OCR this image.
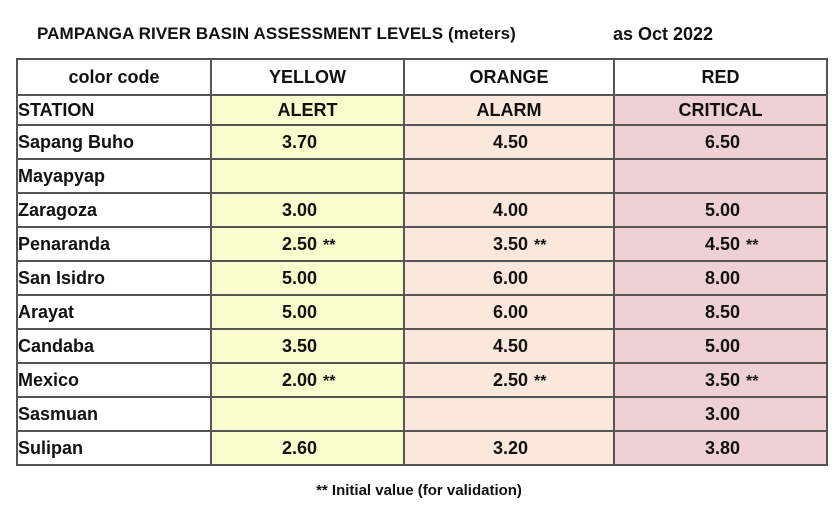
PAMPANGA RIVER BASIN ASSESSMENT LEVELS (meters)	as Oct 2022
color code	YELLOW	ORANGE	RED
STATION	ALERT	ALARM	CRITICAL
Sapang Buho	3.70	4.50	6.50
Mayapyap			
Zaragoza	3.00	4.00	5.00
Penaranda	2.50 **	3.50 **	4.50 **
San Isidro	5.00	6.00	8.00
Arayat	5.00	6.00	8.50
Candaba	3.50	4.50	5.00
Mexico	2.00 **	2.50 **	3.50 **
Sasmuan			3.00
Sulipan	2.60	3.20	3.80
** Initial value (for validation)
